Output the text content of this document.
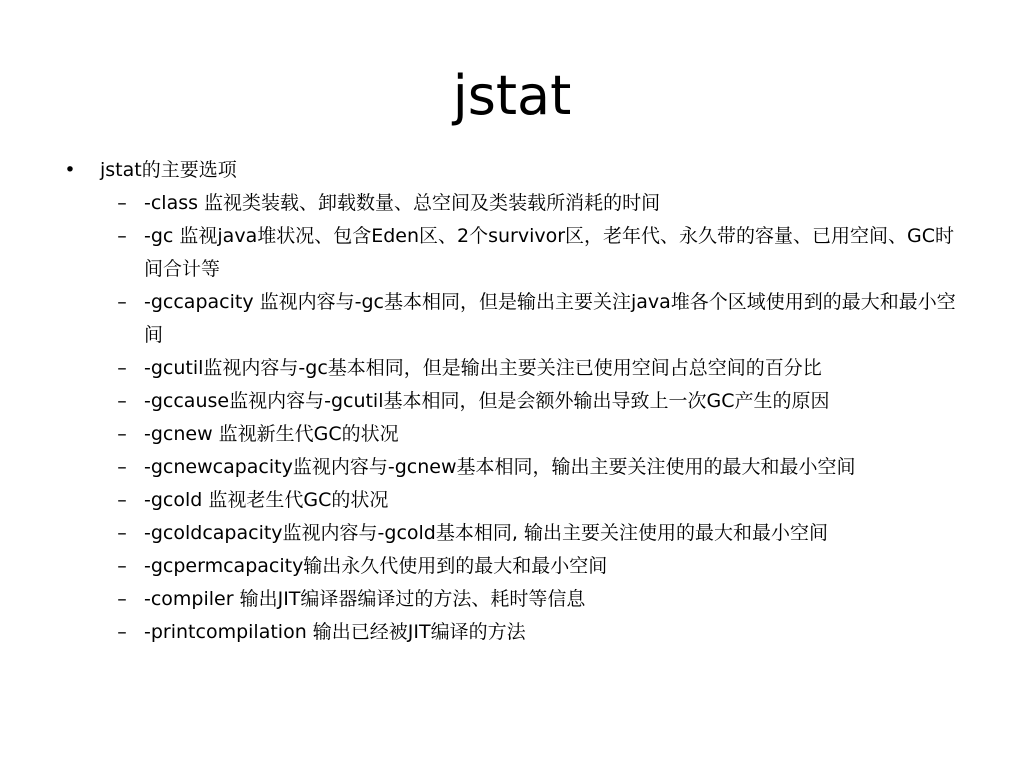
jstat
• jstat的主要选项
– -class 监视类装载、卸载数量、总空间及类装载所消耗的时间
– -gc 监视java堆状况、包含Eden区、2个survivor区，老年代、永久带的容量、已用空间、GC时间合计等
– -gccapacity 监视内容与-gc基本相同，但是输出主要关注java堆各个区域使用到的最大和最小空间
– -gcutil监视内容与-gc基本相同，但是输出主要关注已使用空间占总空间的百分比
– -gccause监视内容与-gcutil基本相同，但是会额外输出导致上一次GC产生的原因
– -gcnew 监视新生代GC的状况
– -gcnewcapacity监视内容与-gcnew基本相同，输出主要关注使用的最大和最小空间
– -gcold 监视老生代GC的状况
– -gcoldcapacity监视内容与-gcold基本相同, 输出主要关注使用的最大和最小空间
– -gcpermcapacity输出永久代使用到的最大和最小空间
– -compiler 输出JIT编译器编译过的方法、耗时等信息
– -printcompilation 输出已经被JIT编译的方法
